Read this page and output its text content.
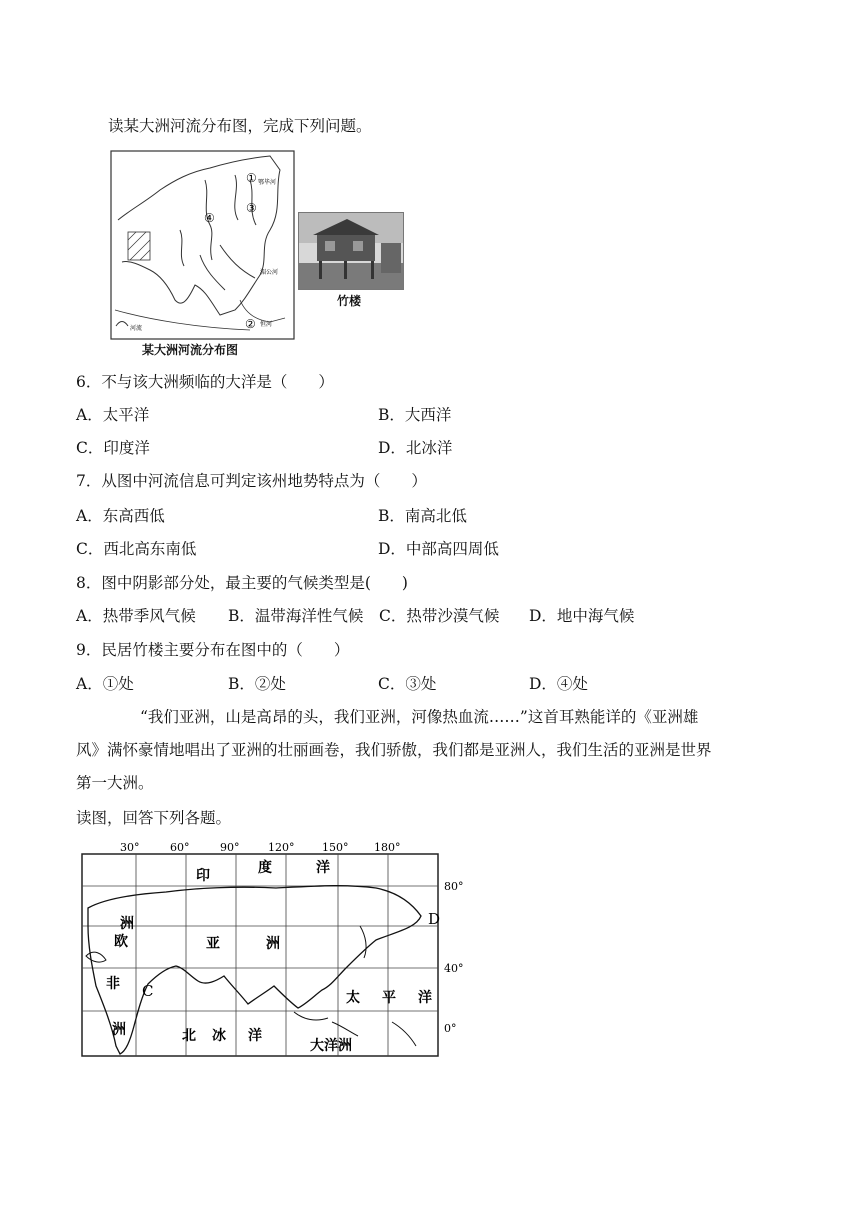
读某大洲河流分布图，完成下列问题。
①
②
③
④
鄂毕河
湄公河
恒河
河流
某大洲河流分布图
竹楼
6．不与该大洲频临的大洋是（　　）
A．太平洋	B．大西洋
C．印度洋	D．北冰洋
7．从图中河流信息可判定该州地势特点为（　　）
A．东高西低	B．南高北低
C．西北高东南低	D．中部高四周低
8．图中阴影部分处，最主要的气候类型是(　　)
A．热带季风气候 B．温带海洋性气候 C．热带沙漠气候 D．地中海气候
9．民居竹楼主要分布在图中的（　　）
A．①处	B．②处	C．③处	D．④处
“我们亚洲，山是高昂的头，我们亚洲，河像热血流……”这首耳熟能详的《亚洲雄
风》满怀豪情地唱出了亚洲的壮丽画卷，我们骄傲，我们都是亚洲人，我们生活的亚洲是世界
第一大洲。
读图，回答下列各题。
30°	60°	90°	120°	150° 180°
80°
40°
0°
印	度	洋
欧
洲
亚	洲
非
洲
太 平 洋
北 冰 洋
大洋洲
C
D
